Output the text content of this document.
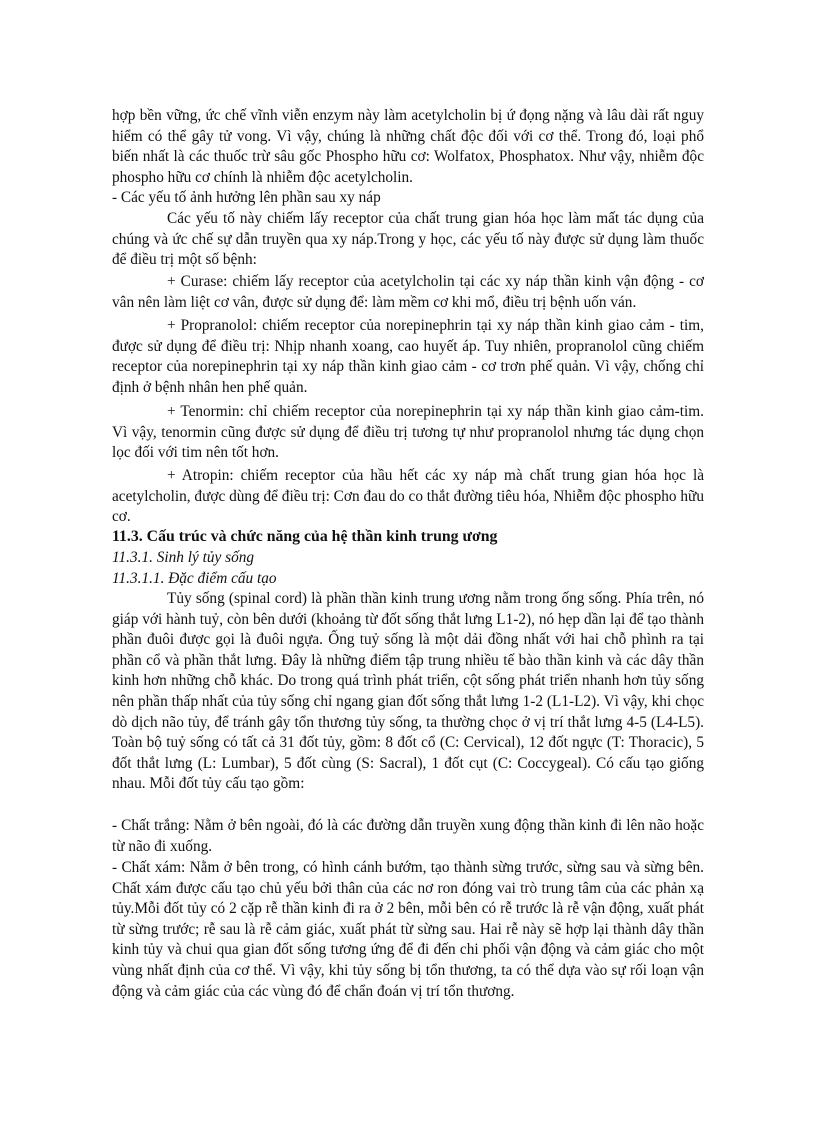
hợp bền vững, ức chế vĩnh viễn enzym này làm acetylcholin bị ứ đọng nặng và lâu dài rất nguy hiểm có thể gây tử vong. Vì vậy, chúng là những chất độc đối với cơ thể. Trong đó, loại phổ biến nhất là các thuốc trừ sâu gốc Phospho hữu cơ: Wolfatox, Phosphatox. Như vậy, nhiễm độc phospho hữu cơ chính là nhiễm độc acetylcholin.

- Các yếu tố ảnh hưởng lên phần sau xy náp

Các yếu tố này chiếm lấy receptor của chất trung gian hóa học làm mất tác dụng của chúng và ức chế sự dẫn truyền qua xy náp.Trong y học, các yếu tố này được sử dụng làm thuốc để điều trị một số bệnh:

+ Curase: chiếm lấy receptor của acetylcholin tại các xy náp thần kinh vận động - cơ vân nên làm liệt cơ vân, được sử dụng để: làm mềm cơ khi mổ, điều trị bệnh uốn ván.

+ Propranolol: chiếm receptor của norepinephrin tại xy náp thần kinh giao cảm - tim, được sử dụng để điều trị: Nhịp nhanh xoang, cao huyết áp. Tuy nhiên, propranolol cũng chiếm receptor của norepinephrin tại xy náp thần kinh giao cảm - cơ trơn phế quản. Vì vậy, chống chỉ định ở bệnh nhân hen phế quản.

+ Tenormin: chỉ chiếm receptor của norepinephrin tại xy náp thần kinh giao cảm-tim. Vì vậy, tenormin cũng được sử dụng để điều trị tương tự như propranolol nhưng tác dụng chọn lọc đối với tim nên tốt hơn.

+ Atropin: chiếm receptor của hầu hết các xy náp mà chất trung gian hóa học là acetylcholin, được dùng để điều trị: Cơn đau do co thắt đường tiêu hóa, Nhiễm độc phospho hữu cơ.

11.3. Cấu trúc và chức năng của hệ thần kinh trung ương

11.3.1. Sinh lý tủy sống

11.3.1.1. Đặc điểm cấu tạo

Tủy sống (spinal cord) là phần thần kinh trung ương nằm trong ống sống. Phía trên, nó giáp với hành tuỷ, còn bên dưới (khoảng từ đốt sống thắt lưng L1-2), nó hẹp dần lại để tạo thành phần đuôi được gọi là đuôi ngựa. Ống tuỷ sống là một dải đồng nhất với hai chỗ phình ra tại phần cổ và phần thắt lưng. Đây là những điểm tập trung nhiều tế bào thần kinh và các dây thần kinh hơn những chỗ khác. Do trong quá trình phát triển, cột sống phát triển nhanh hơn tủy sống nên phần thấp nhất của tủy sống chỉ ngang gian đốt sống thắt lưng 1-2 (L1-L2). Vì vậy, khi chọc dò dịch não tủy, để tránh gây tổn thương tủy sống, ta thường chọc ở vị trí thắt lưng 4-5 (L4-L5). Toàn bộ tuỷ sống có tất cả 31 đốt tủy, gồm: 8 đốt cổ (C: Cervical), 12 đốt ngực (T: Thoracic), 5 đốt thắt lưng (L: Lumbar), 5 đốt cùng (S: Sacral), 1 đốt cụt (C: Coccygeal). Có cấu tạo giống nhau. Mỗi đốt tủy cấu tạo gồm:

- Chất trắng: Nằm ở bên ngoài, đó là các đường dẫn truyền xung động thần kinh đi lên não hoặc từ não đi xuống.

- Chất xám: Nằm ở bên trong, có hình cánh bướm, tạo thành sừng trước, sừng sau và sừng bên. Chất xám được cấu tạo chủ yếu bởi thân của các nơ ron đóng vai trò trung tâm của các phản xạ tủy.Mỗi đốt tủy có 2 cặp rễ thần kinh đi ra ở 2 bên, mỗi bên có rễ trước là rễ vận động, xuất phát từ sừng trước; rễ sau là rễ cảm giác, xuất phát từ sừng sau. Hai rễ này sẽ hợp lại thành dây thần kinh tủy và chui qua gian đốt sống tương ứng để đi đến chi phối vận động và cảm giác cho một vùng nhất định của cơ thể. Vì vậy, khi tủy sống bị tổn thương, ta có thể dựa vào sự rối loạn vận động và cảm giác của các vùng đó để chẩn đoán vị trí tổn thương.
